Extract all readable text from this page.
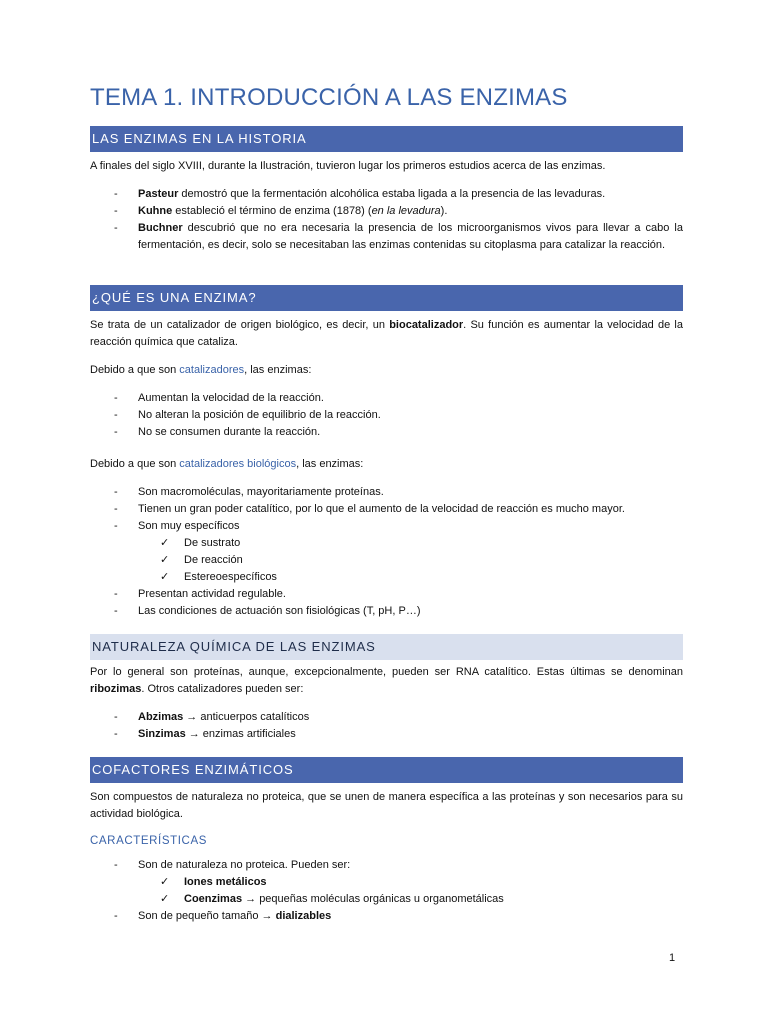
TEMA 1. INTRODUCCIÓN A LAS ENZIMAS
LAS ENZIMAS EN LA HISTORIA

A finales del siglo XVIII, durante la Ilustración, tuvieron lugar los primeros estudios acerca de las enzimas.

- Pasteur demostró que la fermentación alcohólica estaba ligada a la presencia de las levaduras.
- Kuhne estableció el término de enzima (1878) (en la levadura).
- Buchner descubrió que no era necesaria la presencia de los microorganismos vivos para llevar a cabo la fermentación, es decir, solo se necesitaban las enzimas contenidas su citoplasma para catalizar la reacción.
¿QUÉ ES UNA ENZIMA?

Se trata de un catalizador de origen biológico, es decir, un biocatalizador. Su función es aumentar la velocidad de la reacción química que cataliza.

Debido a que son catalizadores, las enzimas:

- Aumentan la velocidad de la reacción.
- No alteran la posición de equilibrio de la reacción.
- No se consumen durante la reacción.

Debido a que son catalizadores biológicos, las enzimas:

- Son macromoléculas, mayoritariamente proteínas.
- Tienen un gran poder catalítico, por lo que el aumento de la velocidad de reacción es mucho mayor.
- Son muy específicos
✓ De sustrato
✓ De reacción
✓ Estereoespecíficos
- Presentan actividad regulable.
- Las condiciones de actuación son fisiológicas (T, pH, P…)
NATURALEZA QUÍMICA DE LAS ENZIMAS

Por lo general son proteínas, aunque, excepcionalmente, pueden ser RNA catalítico. Estas últimas se denominan ribozimas. Otros catalizadores pueden ser:

- Abzimas → anticuerpos catalíticos
- Sinzimas → enzimas artificiales
COFACTORES ENZIMÁTICOS

Son compuestos de naturaleza no proteica, que se unen de manera específica a las proteínas y son necesarios para su actividad biológica.

CARACTERÍSTICAS
- Son de naturaleza no proteica. Pueden ser:
✓ Iones metálicos
✓ Coenzimas → pequeñas moléculas orgánicas u organometálicas
- Son de pequeño tamaño → dializables
1
